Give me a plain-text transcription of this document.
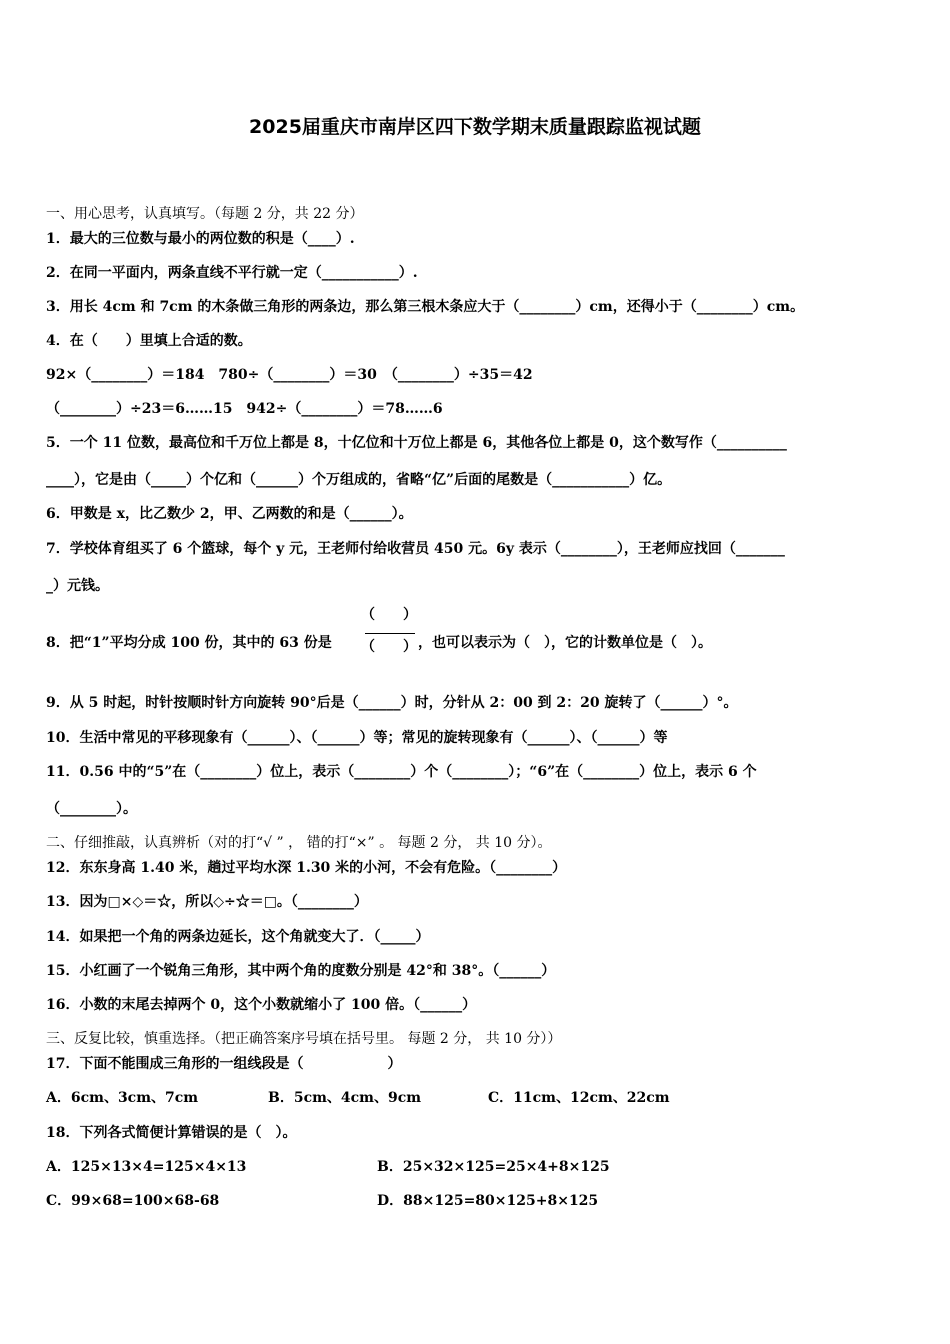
2025届重庆市南岸区四下数学期末质量跟踪监视试题
一、用心思考，认真填写。（每题 2 分，共 22 分）
1．最大的三位数与最小的两位数的积是（____）.
2．在同一平面内，两条直线不平行就一定（___________）.
3．用长 4cm 和 7cm 的木条做三角形的两条边，那么第三根木条应大于（________）cm，还得小于（________）cm。
4．在（　　）里填上合适的数。
92×（________）＝184　780÷（________）＝30　（________）÷35＝42
（________）÷23＝6……15　942÷（________）＝78……6
5．一个 11 位数，最高位和千万位上都是 8，十亿位和十万位上都是 6，其他各位上都是 0，这个数写作（__________
____），它是由（_____）个亿和（______）个万组成的，省略“亿”后面的尾数是（___________）亿。
6．甲数是 x，比乙数少 2，甲、乙两数的和是（______）。
7．学校体育组买了 6 个篮球，每个 y 元，王老师付给收营员 450 元。6y 表示（________），王老师应找回（_______
_）元钱。
（　　）
（　　）
8．把“1”平均分成 100 份，其中的 63 份是	，也可以表示为（　），它的计数单位是（　）。
9．从 5 时起，时针按顺时针方向旋转 90°后是（______）时，分针从 2：00 到 2：20 旋转了（______）°。
10．生活中常见的平移现象有（______）、（______）等；常见的旋转现象有（______）、（______）等
11．0.56 中的“5”在（________）位上，表示（________）个（________）；“6”在（________）位上，表示 6 个
（________）。
二、仔细推敲，认真辨析（对的打“√ ” ， 错的打“×” 。 每题 2 分， 共 10 分）。
12．东东身高 1.40 米，趟过平均水深 1.30 米的小河，不会有危险。（________）
13．因为□×◇＝☆，所以◇÷☆＝□。（________）
14．如果把一个角的两条边延长，这个角就变大了．（_____）
15．小红画了一个锐角三角形，其中两个角的度数分别是 42°和 38°。（______）
16．小数的末尾去掉两个 0，这个小数就缩小了 100 倍。（______）
三、反复比较，慎重选择。（把正确答案序号填在括号里。 每题 2 分， 共 10 分））
17．下面不能围成三角形的一组线段是（　　　　　　）
A．6cm、3cm、7cm	B．5cm、4cm、9cm	C．11cm、12cm、22cm
18．下列各式简便计算错误的是（　）。
A．125×13×4=125×4×13	B．25×32×125=25×4+8×125
C．99×68=100×68-68	D．88×125=80×125+8×125
